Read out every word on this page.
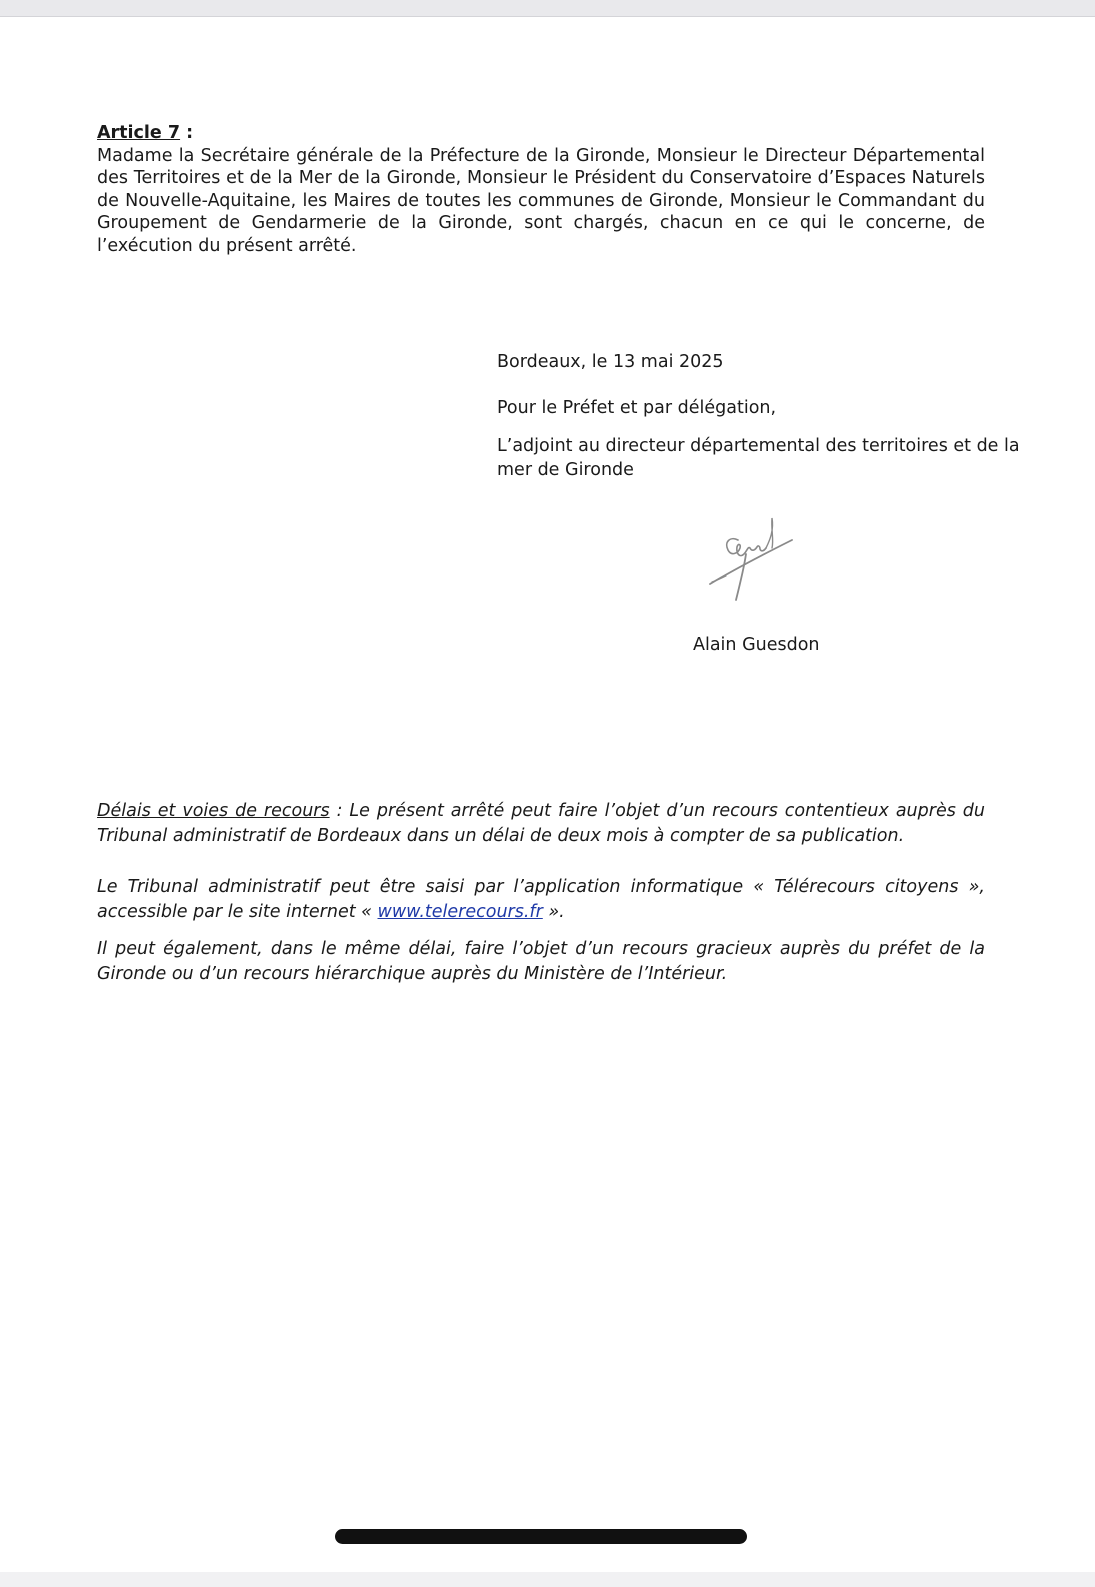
Article 7 :

Madame la Secrétaire générale de la Préfecture de la Gironde, Monsieur le Directeur Départemental des Territoires et de la Mer de la Gironde, Monsieur le Président du Conservatoire d’Espaces Naturels de Nouvelle-Aquitaine, les Maires de toutes les communes de Gironde, Monsieur le Commandant du Groupement de Gendarmerie de la Gironde, sont chargés, chacun en ce qui le concerne, de l’exécution du présent arrêté.

Bordeaux, le 13 mai 2025

Pour le Préfet et par délégation,

L’adjoint au directeur départemental des territoires et de la mer de Gironde

Alain Guesdon

Délais et voies de recours : Le présent arrêté peut faire l’objet d’un recours contentieux auprès du Tribunal administratif de Bordeaux dans un délai de deux mois à compter de sa publication.

Le Tribunal administratif peut être saisi par l’application informatique « Télérecours citoyens », accessible par le site internet « www.telerecours.fr ».

Il peut également, dans le même délai, faire l’objet d’un recours gracieux auprès du préfet de la Gironde ou d’un recours hiérarchique auprès du Ministère de l’Intérieur.
